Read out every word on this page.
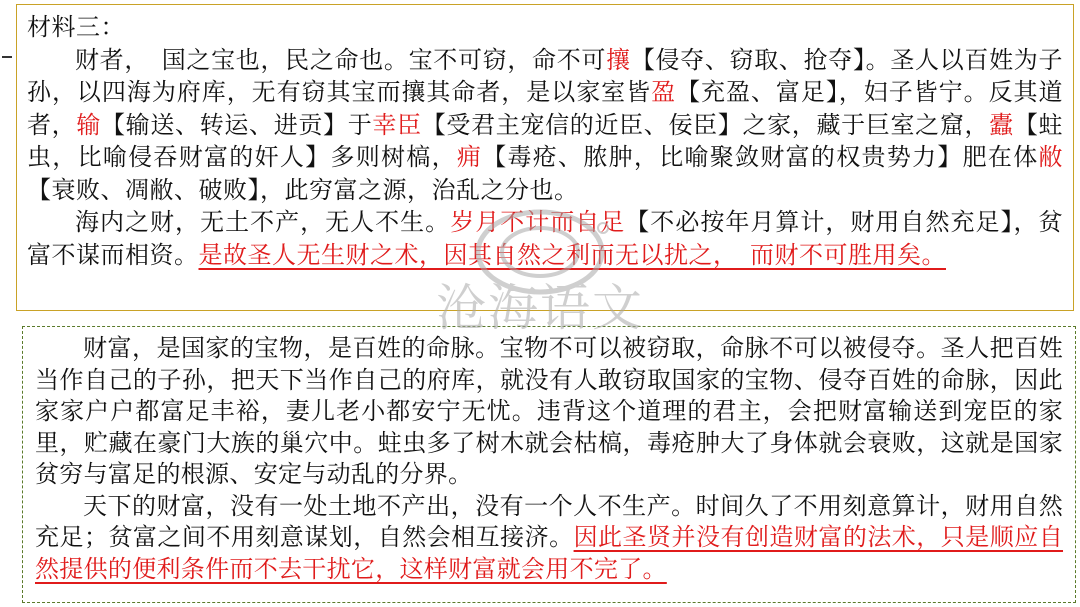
材料三：

财者，　国之宝也，民之命也。宝不可窃，命不可攘【侵夺、窃取、抢夺】。圣人以百姓为子孙，以四海为府库，无有窃其宝而攘其命者，是以家室皆盈【充盈、富足】，妇子皆宁。反其道者，输【输送、转运、进贡】于幸臣【受君主宠信的近臣、佞臣】之家，藏于巨室之窟，蠹【蛀虫，比喻侵吞财富的奸人】多则树槁，痈【毒疮、脓肿，比喻聚敛财富的权贵势力】肥在体敝【衰败、凋敝、破败】，此穷富之源，治乱之分也。

海内之财，无土不产，无人不生。岁月不计而自足【不必按年月算计，财用自然充足】，贫富不谋而相资。是故圣人无生财之术，因其自然之利而无以扰之，　而财不可胜用矣。

财富，是国家的宝物，是百姓的命脉。宝物不可以被窃取，命脉不可以被侵夺。圣人把百姓当作自己的子孙，把天下当作自己的府库，就没有人敢窃取国家的宝物、侵夺百姓的命脉，因此家家户户都富足丰裕，妻儿老小都安宁无忧。违背这个道理的君主，会把财富输送到宠臣的家里，贮藏在豪门大族的巢穴中。蛀虫多了树木就会枯槁，毒疮肿大了身体就会衰败，这就是国家贫穷与富足的根源、安定与动乱的分界。

天下的财富，没有一处土地不产出，没有一个人不生产。时间久了不用刻意算计，财用自然充足；贫富之间不用刻意谋划，自然会相互接济。因此圣贤并没有创造财富的法术，只是顺应自然提供的便利条件而不去干扰它，这样财富就会用不完了。

沧海语文
